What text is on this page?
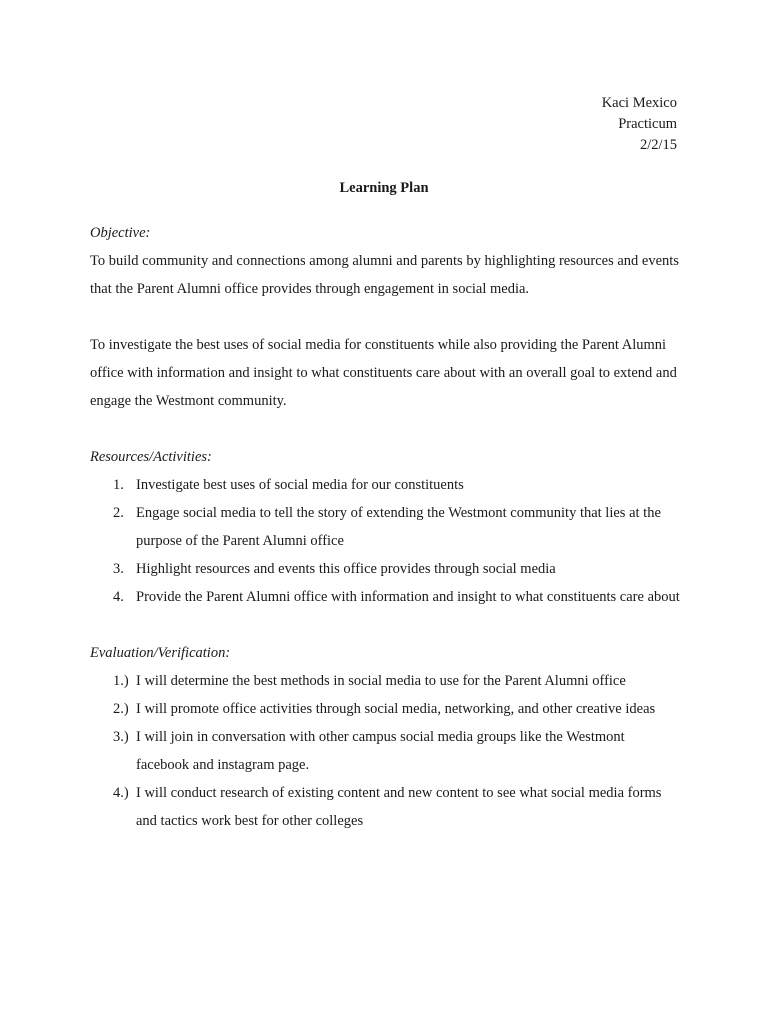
Kaci Mexico
Practicum
2/2/15
Learning Plan

Objective:

To build community and connections among alumni and parents by highlighting resources and events that the Parent Alumni office provides through engagement in social media.

To investigate the best uses of social media for constituents while also providing the Parent Alumni office with information and insight to what constituents care about with an overall goal to extend and engage the Westmont community.

Resources/Activities:

1. Investigate best uses of social media for our constituents
2. Engage social media to tell the story of extending the Westmont community that lies at the purpose of the Parent Alumni office
3. Highlight resources and events this office provides through social media
4. Provide the Parent Alumni office with information and insight to what constituents care about

Evaluation/Verification:

1.) I will determine the best methods in social media to use for the Parent Alumni office
2.) I will promote office activities through social media, networking, and other creative ideas
3.) I will join in conversation with other campus social media groups like the Westmont facebook and instagram page.
4.) I will conduct research of existing content and new content to see what social media forms and tactics work best for other colleges
